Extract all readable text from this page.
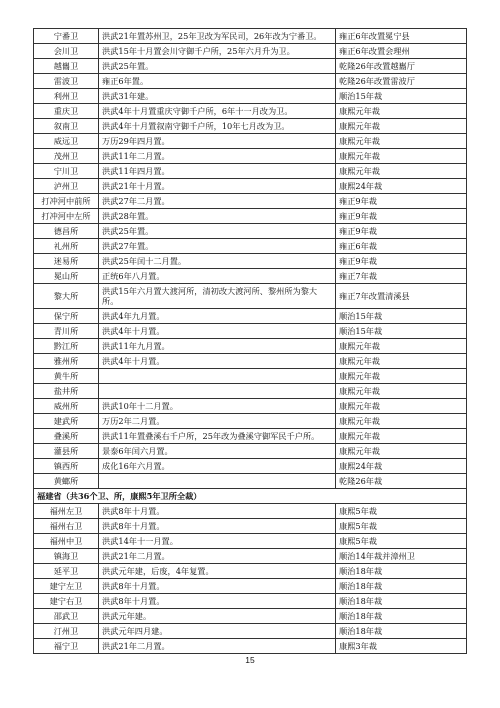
宁番卫	洪武21年置苏州卫，25年卫改为军民司，26年改为宁番卫。	雍正6年改置冕宁县
会川卫	洪武15年十月置会川守御千户所，25年六月升为卫。	雍正6年改置会理州
越巂卫	洪武25年置。	乾隆26年改置越巂厅
雷波卫	雍正6年置。	乾隆26年改置雷波厅
利州卫	洪武31年建。	顺治15年裁
重庆卫	洪武4年十月置重庆守御千户所，6年十一月改为卫。	康熙元年裁
叙南卫	洪武4年十月置叙南守御千户所，10年七月改为卫。	康熙元年裁
威远卫	万历29年四月置。	康熙元年裁
茂州卫	洪武11年二月置。	康熙元年裁
宁川卫	洪武11年四月置。	康熙元年裁
泸州卫	洪武21年十月置。	康熙24年裁
打冲河中前所	洪武27年二月置。	雍正9年裁
打冲河中左所	洪武28年置。	雍正9年裁
德昌所	洪武25年置。	雍正9年裁
礼州所	洪武27年置。	雍正6年裁
迷易所	洪武25年闰十二月置。	雍正9年裁
冕山所	正统6年八月置。	雍正7年裁
黎大所	洪武15年六月置大渡河所，清初改大渡河所、黎州所为黎大所。	雍正7年改置清溪县
保宁所	洪武4年九月置。	顺治15年裁
青川所	洪武4年十月置。	顺治15年裁
黔江所	洪武11年九月置。	康熙元年裁
雅州所	洪武4年十月置。	康熙元年裁
黄牛所		康熙元年裁
盐井所		康熙元年裁
威州所	洪武10年十二月置。	康熙元年裁
建武所	万历2年二月置。	康熙元年裁
叠溪所	洪武11年置叠溪右千户所，25年改为叠溪守御军民千户所。	康熙元年裁
灌县所	景泰6年闰六月置。	康熙元年裁
镇西所	成化16年六月置。	康熙24年裁
黄螂所		乾隆26年裁
福建省（共36个卫、所，康熙5年卫所全裁）		
福州左卫	洪武8年十月置。	康熙5年裁
福州右卫	洪武8年十月置。	康熙5年裁
福州中卫	洪武14年十一月置。	康熙5年裁
镇海卫	洪武21年二月置。	顺治14年裁并漳州卫
延平卫	洪武元年建，后废，4年复置。	顺治18年裁
建宁左卫	洪武8年十月置。	顺治18年裁
建宁右卫	洪武8年十月置。	顺治18年裁
邵武卫	洪武元年建。	顺治18年裁
汀州卫	洪武元年四月建。	顺治18年裁
福宁卫	洪武21年二月置。	康熙3年裁
15
